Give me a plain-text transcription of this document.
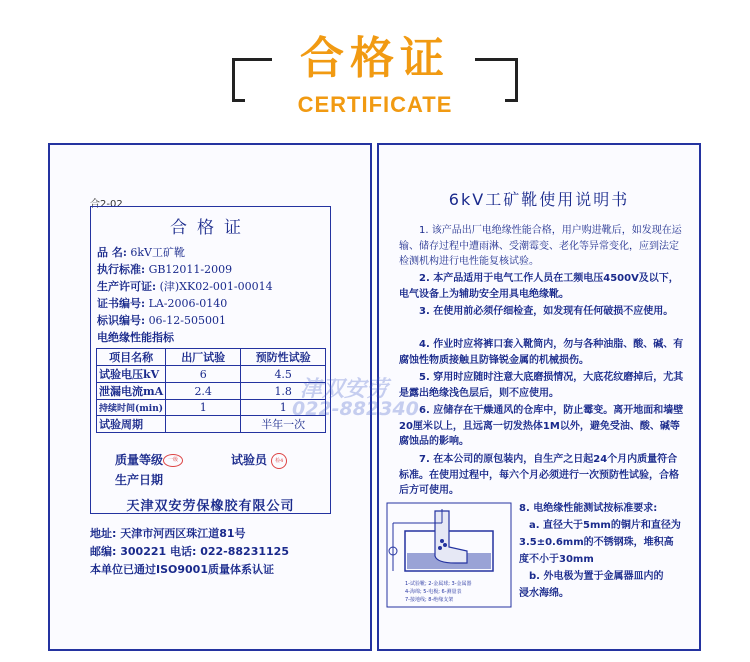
合格证
CERTIFICATE
合2-02
合格证
品 名: 6kV工矿靴
执行标准: GB12011-2009
生产许可证: (津)XK02-001-00014
证书编号: LA-2006-0140
标识编号: 06-12-505001
电绝缘性能指标
项目名称	出厂试验	预防性试验
试验电压kV	6	4.5
泄漏电流mA	2.4	1.8
持续时间(min)	1	1
试验周期		半年一次
质量等级 一级	试验员 检4
生产日期
天津双安劳保橡胶有限公司
地址: 天津市河西区珠江道81号
邮编: 300221 电话: 022-88231125
本单位已通过ISO9001质量体系认证
6kV工矿靴使用说明书
1. 该产品出厂电绝缘性能合格，用户购进靴后，如发现在运输、储存过程中遭雨淋、受潮霉变、老化等异常变化，应到法定检测机构进行电性能复核试验。
2. 本产品适用于电气工作人员在工频电压4500V及以下，电气设备上为辅助安全用具电绝缘靴。
3. 在使用前必须仔细检查，如发现有任何破损不应使用。
4. 作业时应将裤口套入靴筒内，勿与各种油脂、酸、碱、有腐蚀性物质接触且防锋锐金属的机械损伤。
5. 穿用时应随时注意大底磨损情况，大底花纹磨掉后，尤其是露出绝缘浅色层后，则不应使用。
6. 应储存在干燥通风的仓库中，防止霉变。离开地面和墙壁20厘米以上，且远离一切发热体1M以外，避免受油、酸、碱等腐蚀品的影响。
7. 在本公司的原包装内，自生产之日起24个月内质量符合标准。在使用过程中，每六个月必须进行一次预防性试验，合格后方可使用。
8. 电绝缘性能测试按标准要求:
a. 直径大于5mm的铜片和直径为
3.5±0.6mm的不锈钢珠，堆积高
度不小于30mm
b. 外电极为置于金属器皿内的
浸水海绵。
1-试验靴; 2-金属球; 3-金属器
4-海绵; 5-电极; 6-测量表
7-接地线; 8-绝缘支架
津双安劳
022-882340
